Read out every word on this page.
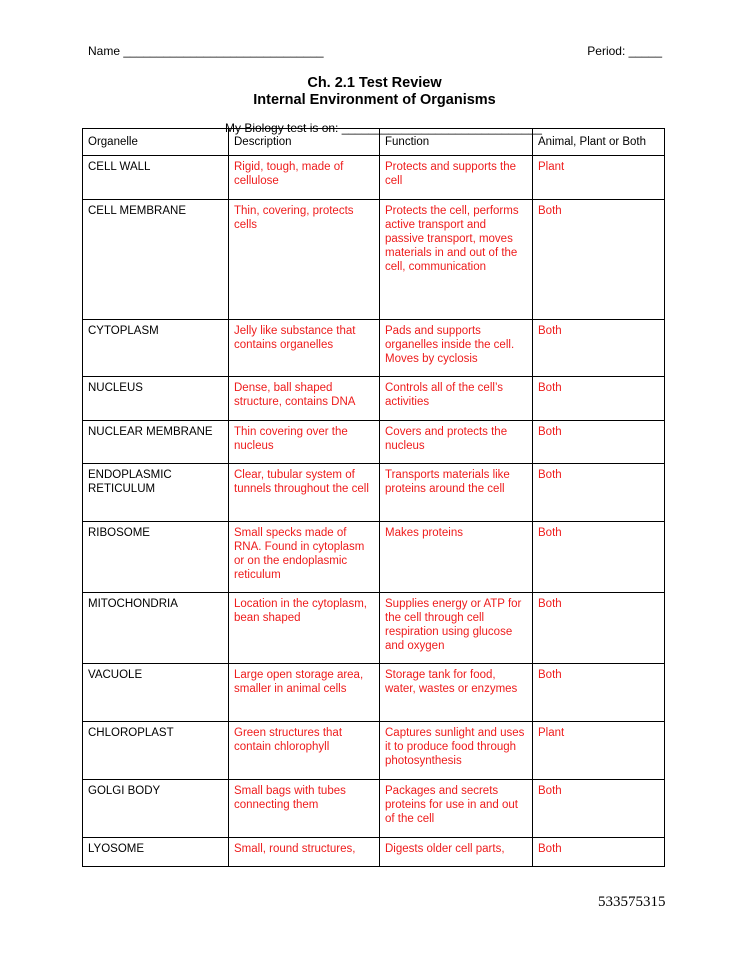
Name ______________________________	Period: _____
Ch. 2.1 Test Review
Internal Environment of Organisms
My Biology test is on: ______________________________
Organelle	Description	Function	Animal, Plant or Both
CELL WALL	Rigid, tough, made of cellulose	Protects and supports the cell	Plant
CELL MEMBRANE	Thin, covering, protects cells	Protects the cell, performs active transport and passive transport, moves materials in and out of the cell, communication	Both
CYTOPLASM	Jelly like substance that contains organelles	Pads and supports organelles inside the cell. Moves by cyclosis	Both
NUCLEUS	Dense, ball shaped structure, contains DNA	Controls all of the cell’s activities	Both
NUCLEAR MEMBRANE	Thin covering over the nucleus	Covers and protects the nucleus	Both
ENDOPLASMIC RETICULUM	Clear, tubular system of tunnels throughout the cell	Transports materials like proteins around the cell	Both
RIBOSOME	Small specks made of RNA. Found in cytoplasm or on the endoplasmic reticulum	Makes proteins	Both
MITOCHONDRIA	Location in the cytoplasm, bean shaped	Supplies energy or ATP for the cell through cell respiration using glucose and oxygen	Both
VACUOLE	Large open storage area, smaller in animal cells	Storage tank for food, water, wastes or enzymes	Both
CHLOROPLAST	Green structures that contain chlorophyll	Captures sunlight and uses it to produce food through photosynthesis	Plant
GOLGI BODY	Small bags with tubes connecting them	Packages and secrets proteins for use in and out of the cell	Both
LYOSOME	Small, round structures,	Digests older cell parts,	Both
533575315
